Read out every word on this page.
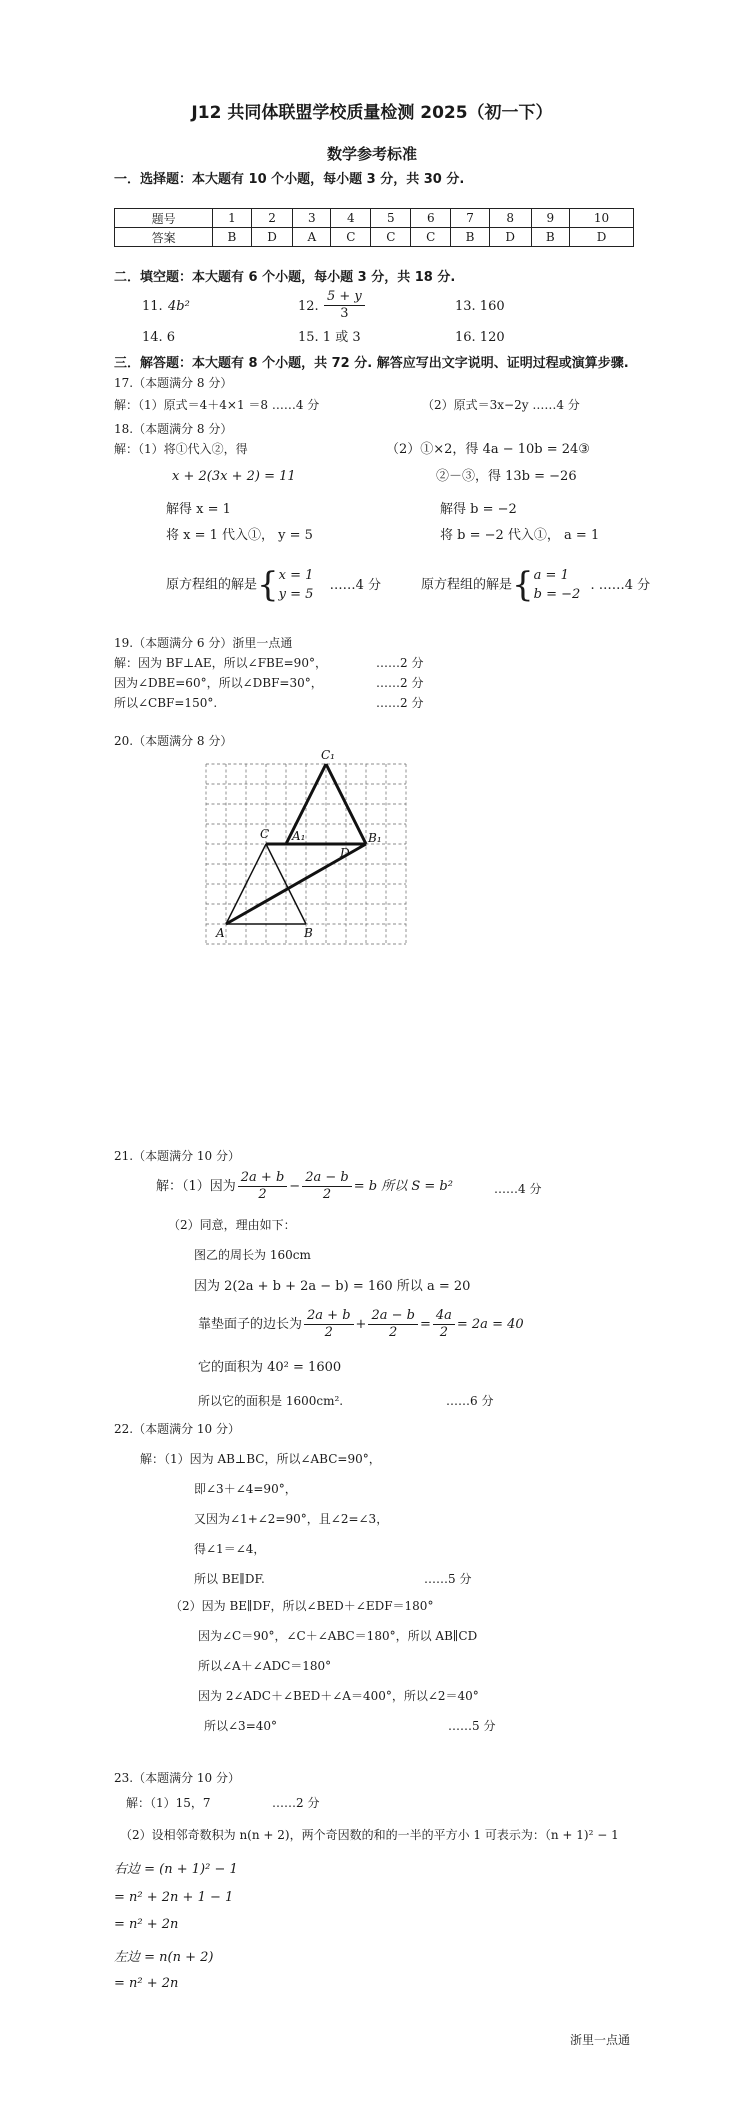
J12 共同体联盟学校质量检测 2025（初一下）
数学参考标准
一．选择题：本大题有 10 个小题，每小题 3 分，共 30 分.
题号	1	2	3	4	5	6	7	8	9	10
答案	B	D	A	C	C	C	B	D	B	D
二．填空题：本大题有 6 个小题，每小题 3 分，共 18 分.
11. 4b²	12. $\frac{5 + y}{3}$	13. 160
14. 6	15. 1 或 3	16. 120
三．解答题：本大题有 8 个小题，共 72 分. 解答应写出文字说明、证明过程或演算步骤.
17.（本题满分 8 分）
解：（1）原式＝4＋4×1 ＝8 ……4 分	（2）原式＝3x−2y ……4 分
18.（本题满分 8 分）
解：（1）将①代入②，得
x + 2(3x + 2) = 11
解得 x = 1
将 x = 1 代入①， y = 5
原方程组的解是{ x = 1
y = 5
……4 分
（2）①×2，得 4a − 10b = 24③
②－③，得 13b = −26
解得 b = −2
将 b = −2 代入①， a = 1
原方程组的解是{ a = 1
b = −2
. ……4 分
19.（本题满分 6 分）浙里一点通
解：因为 BF⊥AE，所以∠FBE=90°，	……2 分
因为∠DBE=60°，所以∠DBF=30°，	……2 分
所以∠CBF=150°.	……2 分
20.（本题满分 8 分）
C₁
C A₁	B₁
D
A	B
21.（本题满分 10 分）
解：（1）因为 $\frac{2a + b}{2} - \frac{2a - b}{2} = b$ 所以 S = b²	……4 分
（2）同意，理由如下：
图乙的周长为 160cm
因为 2(2a + b + 2a − b) = 160 所以 a = 20
靠垫面子的边长为 $\frac{2a + b}{2} + \frac{2a - b}{2} = \frac{4a}{2} = 2a = 40$
它的面积为 40² = 1600
所以它的面积是 1600cm².	……6 分
22.（本题满分 10 分）
解：（1）因为 AB⊥BC，所以∠ABC=90°，
即∠3＋∠4=90°，
又因为∠1+∠2=90°，且∠2=∠3，
得∠1＝∠4，
所以 BE∥DF.	……5 分
（2）因为 BE∥DF，所以∠BED＋∠EDF＝180°
因为∠C＝90°，∠C＋∠ABC＝180°，所以 AB∥CD
所以∠A＋∠ADC＝180°
因为 2∠ADC＋∠BED＋∠A＝400°，所以∠2＝40°
所以∠3=40°	……5 分
23.（本题满分 10 分）
解：（1）15，7	……2 分
（2）设相邻奇数积为 n(n + 2)，两个奇因数的和的一半的平方小 1 可表示为：（n + 1)² − 1
右边 = (n + 1)² − 1
= n² + 2n + 1 − 1
= n² + 2n
左边 = n(n + 2)
= n² + 2n
浙里一点通
